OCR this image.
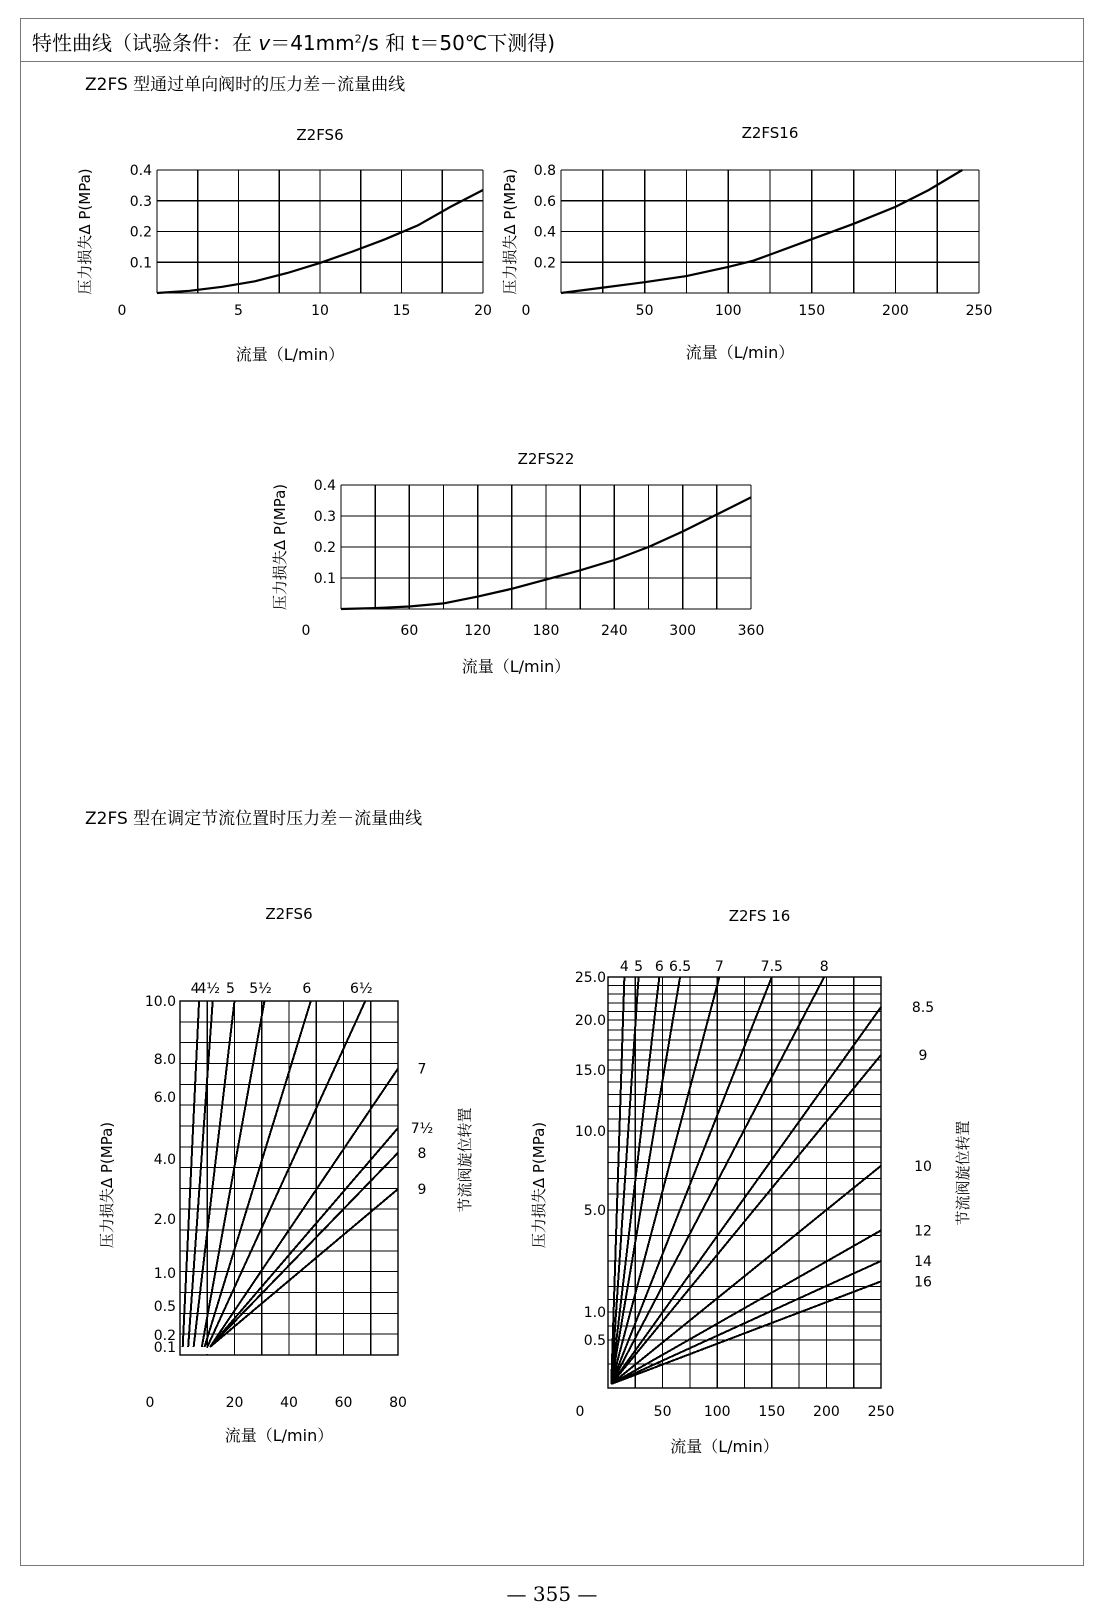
特性曲线（试验条件：在 $v=41mm^2/s$ 和 t＝50℃下测得)
Z2FS 型通过单向阀时的压力差－流量曲线
Z2FS 型在调定节流位置时压力差－流量曲线
Z2FS6
0	5	10	15	20
0.1
0.2
0.3
0.4
流量（L/min）
压力损失Δ P(MPa)
Z2FS16
0	50	100	150	200	250
0.2
0.4
0.6
0.8
流量（L/min）
压力损失Δ P(MPa)
Z2FS22
0	60	120	180	240	300	360
0.1
0.2
0.3
0.4
流量（L/min）
压力损失Δ P(MPa)
Z2FS6
0	20	40	60	80
0.1
0.2
0.5
1.0
2.0
4.0
6.0
8.0
10.0
流量（L/min）
压力损失Δ P(MPa)	节流阀旋位转置
4
4½ 5 5½ 6	6½
7
7½
8
9
Z2FS 16
0	50 100 150 200 250
0.5
1.0
5.0
10.0
15.0
20.0
25.0
流量（L/min）
压力损失Δ P(MPa)	节流阀旋位转置
4 5 6 6.5 7	7.5	8
8.5
9
10
12
14
16
— 355 —
